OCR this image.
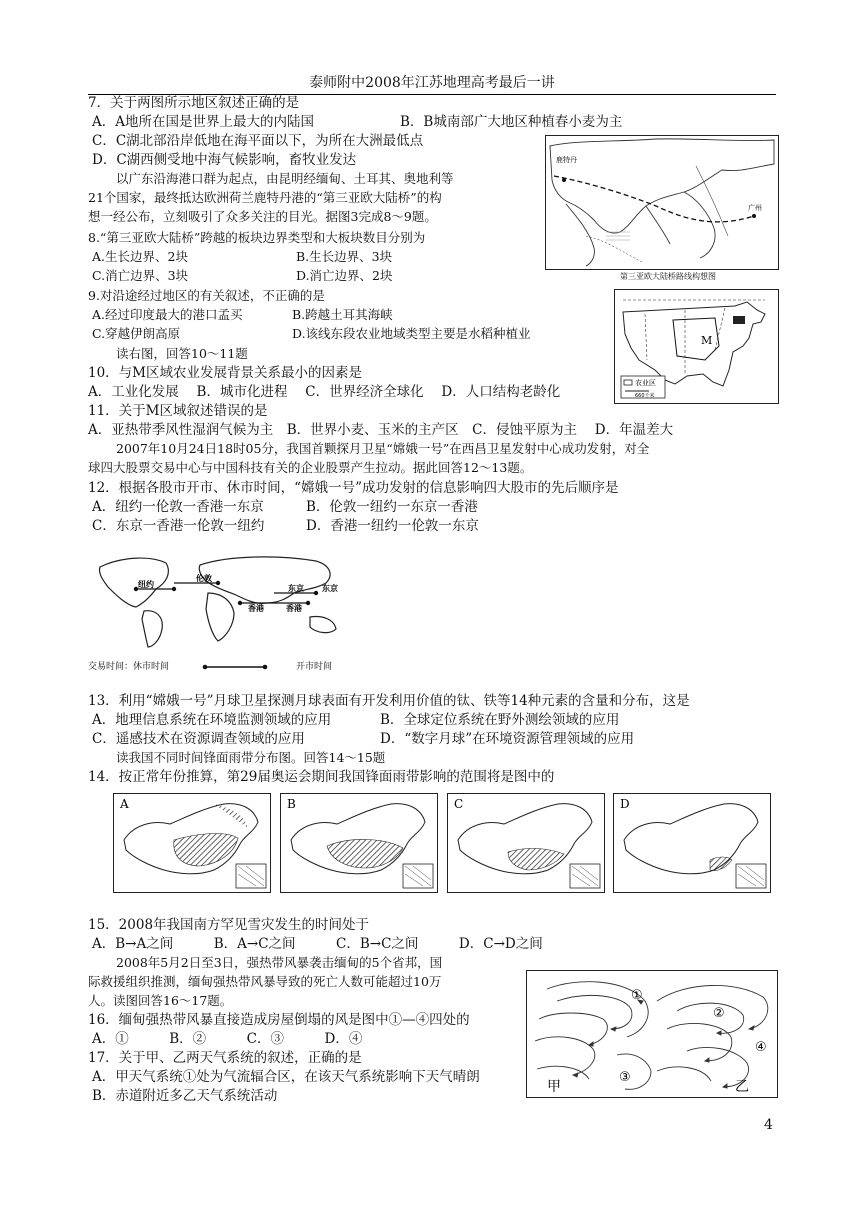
泰师附中2008年江苏地理高考最后一讲
7．关于两图所示地区叙述正确的是
A．A地所在国是世界上最大的内陆国	B．B城南部广大地区种植春小麦为主
C．C湖北部沿岸低地在海平面以下，为所在大洲最低点
D．C湖西侧受地中海气候影响，畜牧业发达
以广东沿海港口群为起点，由昆明经缅甸、土耳其、奥地利等
21个国家，最终抵达欧洲荷兰鹿特丹港的“第三亚欧大陆桥”的构
想一经公布，立刻吸引了众多关注的目光。据图3完成8～9题。
8.“第三亚欧大陆桥”跨越的板块边界类型和大板块数目分别为
A.生长边界、2块	B.生长边界、3块
C.消亡边界、3块	D.消亡边界、2块
9.对沿途经过地区的有关叙述，不正确的是
A.经过印度最大的港口孟买	B.跨越土耳其海峡
C.穿越伊朗高原	D.该线东段农业地域类型主要是水稻种植业
读右图，回答10～11题
鹿特丹
广州
第三亚欧大陆桥路线构想图
M
农业区
660千米
10．与M区域农业发展背景关系最小的因素是
A．工业化发展　 B．城市化进程　 C．世界经济全球化　 D．人口结构老龄化
11．关于M区域叙述错误的是
A．亚热带季风性湿润气候为主　B．世界小麦、玉米的主产区　C．侵蚀平原为主　 D．年温差大
2007年10月24日18时05分，我国首颗探月卫星“嫦娥一号”在西昌卫星发射中心成功发射，对全
球四大股票交易中心与中国科技有关的企业股票产生拉动。据此回答12～13题。
12．根据各股市开市、休市时间，“嫦娥一号”成功发射的信息影响四大股市的先后顺序是
A．纽约一伦敦一香港一东京	B．伦敦一纽约一东京一香港
C．东京一香港一伦敦一纽约	D．香港一纽约一伦敦一东京
纽约
伦敦
东京 东京
香港	香港
交易时间：休市时间	开市时间
13．利用“嫦娥一号”月球卫星探测月球表面有开发利用价值的钛、铁等14种元素的含量和分布，这是
A．地理信息系统在环境监测领域的应用	B．全球定位系统在野外测绘领域的应用
C．遥感技术在资源调查领域的应用	D．“数字月球”在环境资源管理领域的应用
读我国不同时间锋面雨带分布图。回答14～15题
14．按正常年份推算，第29届奥运会期间我国锋面雨带影响的范围将是图中的
A	B	C	D
15．2008年我国南方罕见雪灾发生的时间处于
A．B→A之间　　　B．A→C之间　　　C．B→C之间　　　D．C→D之间
2008年5月2日至3日，强热带风暴袭击缅甸的5个省邦，国
际救援组织推测，缅甸强热带风暴导致的死亡人数可能超过10万
人。读图回答16～17题。
16．缅甸强热带风暴直接造成房屋倒塌的风是图中①—④四处的
A．①　　　B．②　　　C．③　　　D．④
17．关于甲、乙两天气系统的叙述，正确的是
A．甲天气系统①处为气流辐合区，在该天气系统影响下天气晴朗
B．赤道附近多乙天气系统活动
①
②
③
④
甲	乙
4
